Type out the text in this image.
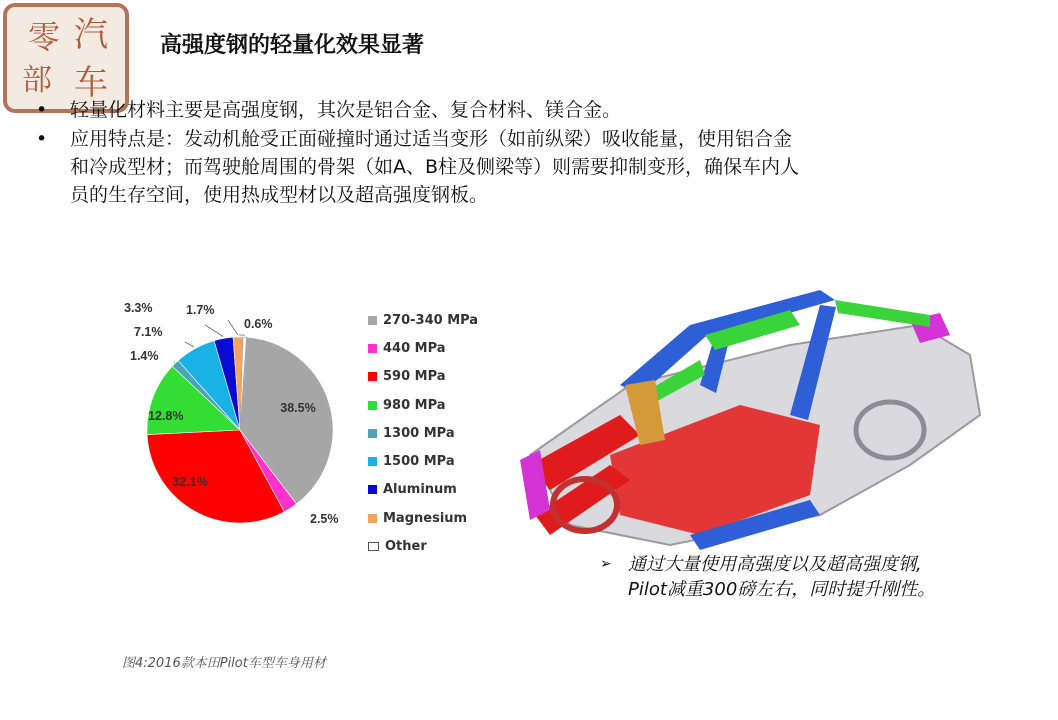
零 汽
部 车
高强度钢的轻量化效果显著
• 轻量化材料主要是高强度钢，其次是铝合金、复合材料、镁合金。
• 应用特点是：发动机舱受正面碰撞时通过适当变形（如前纵梁）吸收能量，使用铝合金
和冷成型材；而驾驶舱周围的骨架（如A、B柱及侧梁等）则需要抑制变形，确保车内人
员的生存空间，使用热成型材以及超高强度钢板。
38.5%
2.5%
32.1%
12.8%
1.4%
7.1%
3.3%	1.7%
0.6%	270-340 MPa
440 MPa
590 MPa
980 MPa
1300 MPa
1500 MPa
Aluminum
Magnesium
Other
➢ 通过大量使用高强度以及超高强度钢,
Pilot减重300磅左右，同时提升刚性。
图4:2016款本田Pilot车型车身用材
